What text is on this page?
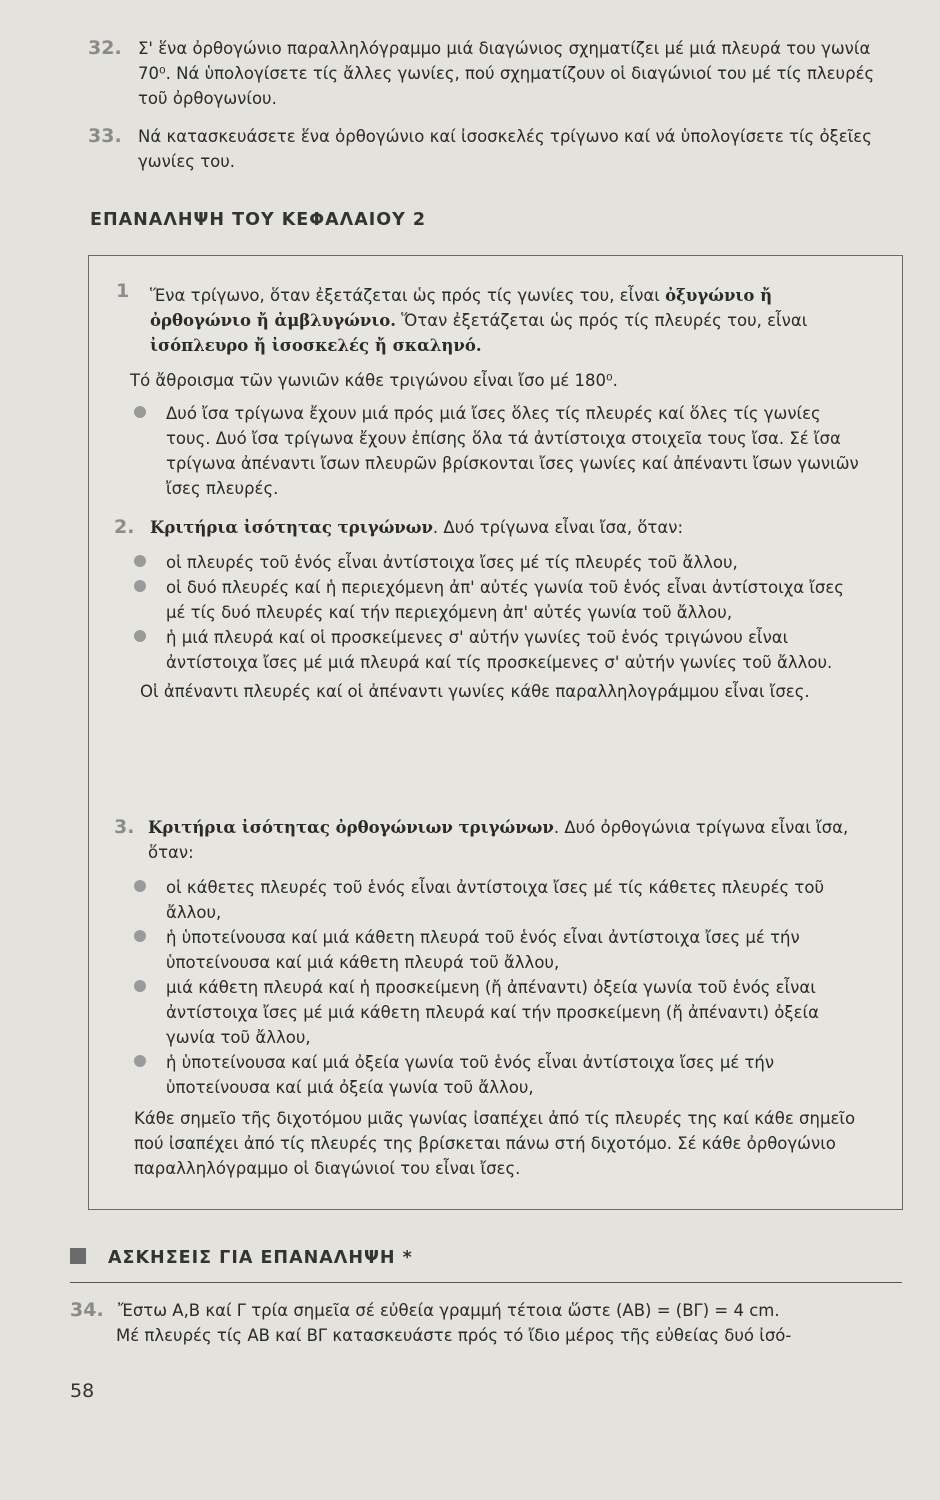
32. Σ' ἕνα ὀρθογώνιο παραλληλόγραμμο μιά διαγώνιος σχηματίζει μέ μιά πλευρά του γωνία 70⁰. Νά ὑπολογίσετε τίς ἄλλες γωνίες, πού σχηματίζουν οἱ διαγώνιοί του μέ τίς πλευρές τοῦ ὀρθογωνίου.
33. Νά κατασκευάσετε ἕνα ὀρθογώνιο καί ἰσοσκελές τρίγωνο καί νά ὑπολογίσετε τίς ὀξεῖες γωνίες του.
ΕΠΑΝΑΛΗΨΗ ΤΟΥ ΚΕΦΑΛΑΙΟΥ 2
1 Ἕνα τρίγωνο, ὅταν ἐξετάζεται ὡς πρός τίς γωνίες του, εἶναι ὀξυγώνιο ἤ ὀρθογώνιο ἤ ἀμβλυγώνιο. Ὅταν ἐξετάζεται ὡς πρός τίς πλευρές του, εἶναι ἰσόπλευρο ἤ ἰσοσκελές ἤ σκαληνό.
Τό ἄθροισμα τῶν γωνιῶν κάθε τριγώνου εἶναι ἴσο μέ 180⁰.
Δυό ἴσα τρίγωνα ἔχουν μιά πρός μιά ἴσες ὅλες τίς πλευρές καί ὅλες τίς γωνίες τους. Δυό ἴσα τρίγωνα ἔχουν ἐπίσης ὅλα τά ἀντίστοιχα στοιχεῖα τους ἴσα. Σέ ἴσα τρίγωνα ἀπέναντι ἴσων πλευρῶν βρίσκονται ἴσες γωνίες καί ἀπέναντι ἴσων γωνιῶν ἴσες πλευρές.
2. Κριτήρια ἰσότητας τριγώνων. Δυό τρίγωνα εἶναι ἴσα, ὅταν:
οἱ πλευρές τοῦ ἑνός εἶναι ἀντίστοιχα ἴσες μέ τίς πλευρές τοῦ ἄλλου,
οἱ δυό πλευρές καί ἡ περιεχόμενη ἀπ' αὐτές γωνία τοῦ ἑνός εἶναι ἀντίστοιχα ἴσες μέ τίς δυό πλευρές καί τήν περιεχόμενη ἀπ' αὐτές γωνία τοῦ ἄλλου,
ἡ μιά πλευρά καί οἱ προσκείμενες σ' αὐτήν γωνίες τοῦ ἑνός τριγώνου εἶναι ἀντίστοιχα ἴσες μέ μιά πλευρά καί τίς προσκείμενες σ' αὐτήν γωνίες τοῦ ἄλλου.
Οἱ ἀπέναντι πλευρές καί οἱ ἀπέναντι γωνίες κάθε παραλληλογράμμου εἶναι ἴσες.
3. Κριτήρια ἰσότητας ὀρθογώνιων τριγώνων. Δυό ὀρθογώνια τρίγωνα εἶναι ἴσα, ὅταν:
οἱ κάθετες πλευρές τοῦ ἑνός εἶναι ἀντίστοιχα ἴσες μέ τίς κάθετες πλευρές τοῦ ἄλλου,
ἡ ὑποτείνουσα καί μιά κάθετη πλευρά τοῦ ἑνός εἶναι ἀντίστοιχα ἴσες μέ τήν ὑποτείνουσα καί μιά κάθετη πλευρά τοῦ ἄλλου,
μιά κάθετη πλευρά καί ἡ προσκείμενη (ἤ ἀπέναντι) ὀξεία γωνία τοῦ ἑνός εἶναι ἀντίστοιχα ἴσες μέ μιά κάθετη πλευρά καί τήν προσκείμενη (ἤ ἀπέναντι) ὀξεία γωνία τοῦ ἄλλου,
ἡ ὑποτείνουσα καί μιά ὀξεία γωνία τοῦ ἑνός εἶναι ἀντίστοιχα ἴσες μέ τήν ὑποτείνουσα καί μιά ὀξεία γωνία τοῦ ἄλλου,
Κάθε σημεῖο τῆς διχοτόμου μιᾶς γωνίας ἰσαπέχει ἀπό τίς πλευρές της καί κάθε σημεῖο πού ἰσαπέχει ἀπό τίς πλευρές της βρίσκεται πάνω στή διχοτόμο. Σέ κάθε ὀρθογώνιο παραλληλόγραμμο οἱ διαγώνιοί του εἶναι ἴσες.
ΑΣΚΗΣΕΙΣ ΓΙΑ ΕΠΑΝΑΛΗΨΗ *
34. Ἔστω Α,Β καί Γ τρία σημεῖα σέ εὐθεία γραμμή τέτοια ὥστε (ΑΒ) = (ΒΓ) = 4 cm.
Μέ πλευρές τίς ΑΒ καί ΒΓ κατασκευάστε πρός τό ἴδιο μέρος τῆς εὐθείας δυό ἰσό-
58
